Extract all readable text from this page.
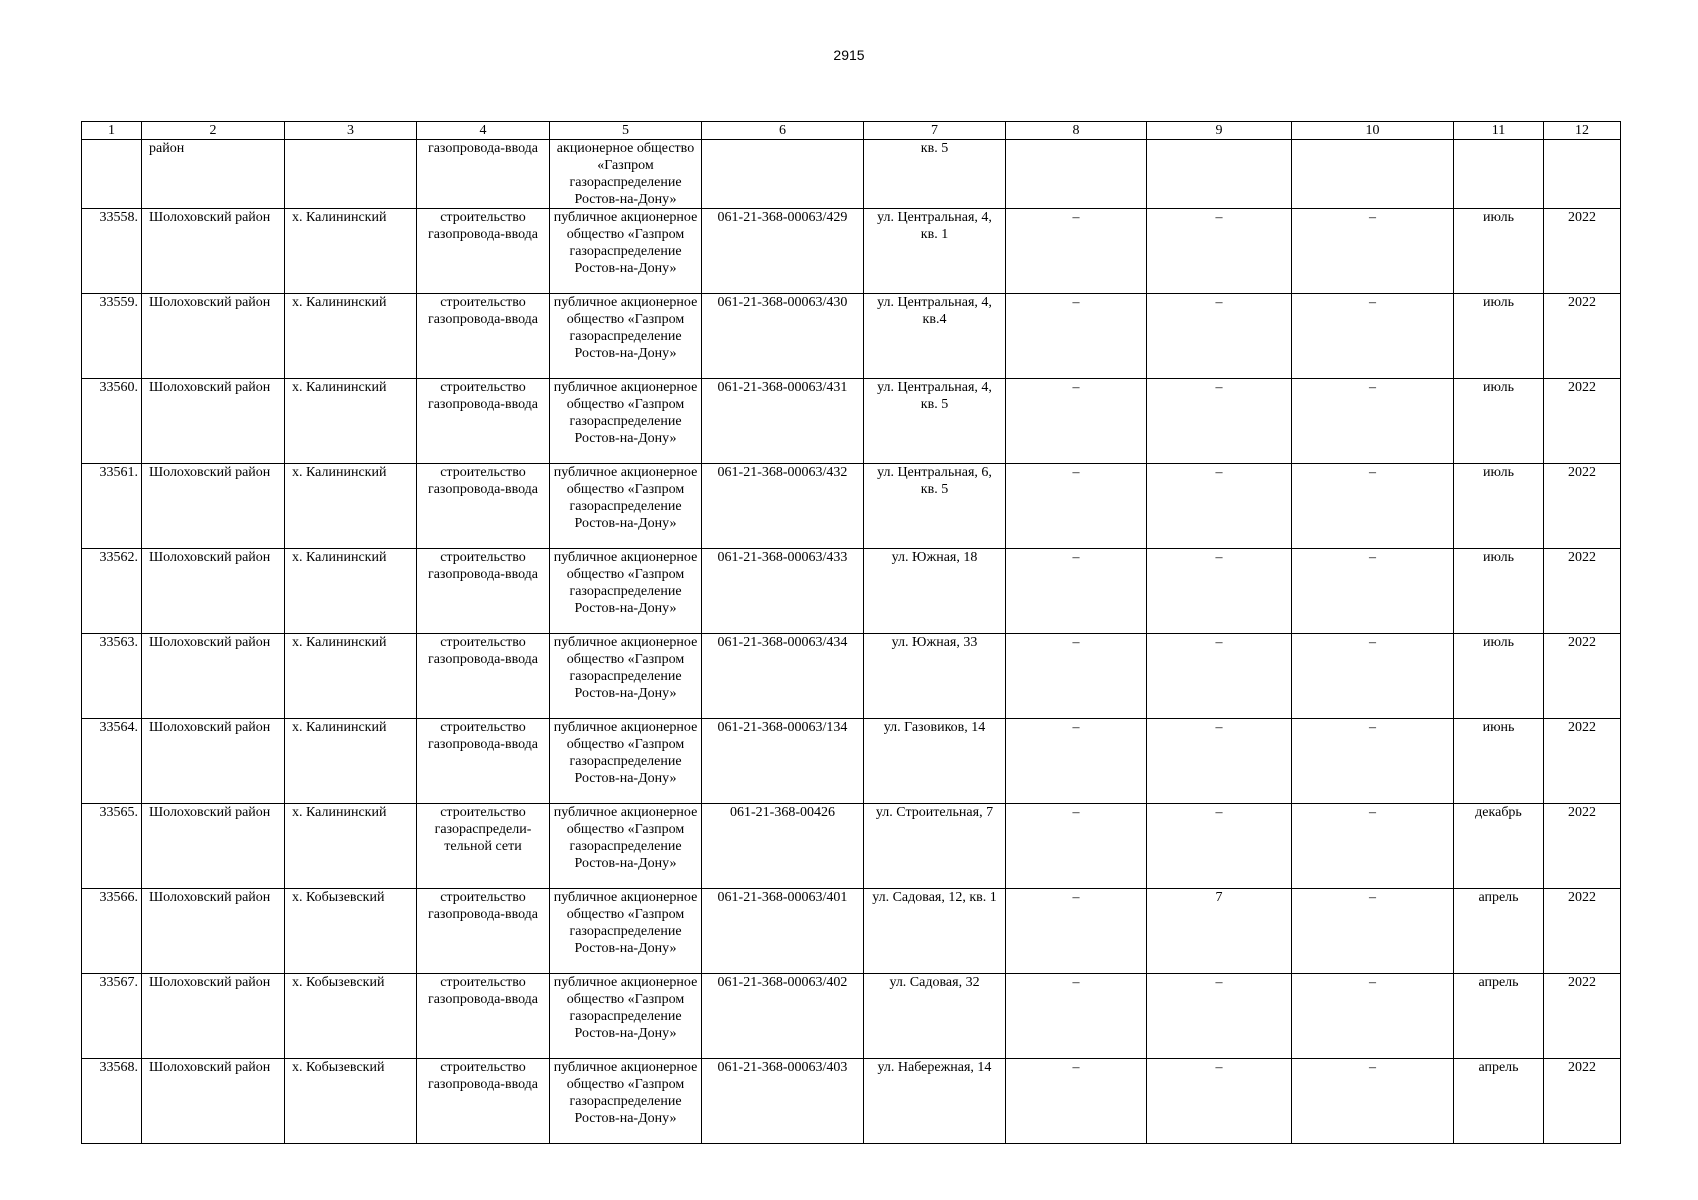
2915
1	2	3	4	5	6	7	8	9	10	11	12
	район		газопровода-ввода	акционерное общество «Газпром газораспределение Ростов-на-Дону»		кв. 5					
33558.	Шолоховский район	х. Калининский	строительство газопровода-ввода	публичное акционерное общество «Газпром газораспределение Ростов-на-Дону»	061-21-368-00063/429	ул. Центральная, 4, кв. 1	–	–	–	июль	2022
33559.	Шолоховский район	х. Калининский	строительство газопровода-ввода	публичное акционерное общество «Газпром газораспределение Ростов-на-Дону»	061-21-368-00063/430	ул. Центральная, 4, кв.4	–	–	–	июль	2022
33560.	Шолоховский район	х. Калининский	строительство газопровода-ввода	публичное акционерное общество «Газпром газораспределение Ростов-на-Дону»	061-21-368-00063/431	ул. Центральная, 4, кв. 5	–	–	–	июль	2022
33561.	Шолоховский район	х. Калининский	строительство газопровода-ввода	публичное акционерное общество «Газпром газораспределение Ростов-на-Дону»	061-21-368-00063/432	ул. Центральная, 6, кв. 5	–	–	–	июль	2022
33562.	Шолоховский район	х. Калининский	строительство газопровода-ввода	публичное акционерное общество «Газпром газораспределение Ростов-на-Дону»	061-21-368-00063/433	ул. Южная, 18	–	–	–	июль	2022
33563.	Шолоховский район	х. Калининский	строительство газопровода-ввода	публичное акционерное общество «Газпром газораспределение Ростов-на-Дону»	061-21-368-00063/434	ул. Южная, 33	–	–	–	июль	2022
33564.	Шолоховский район	х. Калининский	строительство газопровода-ввода	публичное акционерное общество «Газпром газораспределение Ростов-на-Дону»	061-21-368-00063/134	ул. Газовиков, 14	–	–	–	июнь	2022
33565.	Шолоховский район	х. Калининский	строительство газораспредели-тельной сети	публичное акционерное общество «Газпром газораспределение Ростов-на-Дону»	061-21-368-00426	ул. Строительная, 7	–	–	–	декабрь	2022
33566.	Шолоховский район	х. Кобызевский	строительство газопровода-ввода	публичное акционерное общество «Газпром газораспределение Ростов-на-Дону»	061-21-368-00063/401	ул. Садовая, 12, кв. 1	–	7	–	апрель	2022
33567.	Шолоховский район	х. Кобызевский	строительство газопровода-ввода	публичное акционерное общество «Газпром газораспределение Ростов-на-Дону»	061-21-368-00063/402	ул. Садовая, 32	–	–	–	апрель	2022
33568.	Шолоховский район	х. Кобызевский	строительство газопровода-ввода	публичное акционерное общество «Газпром газораспределение Ростов-на-Дону»	061-21-368-00063/403	ул. Набережная, 14	–	–	–	апрель	2022
